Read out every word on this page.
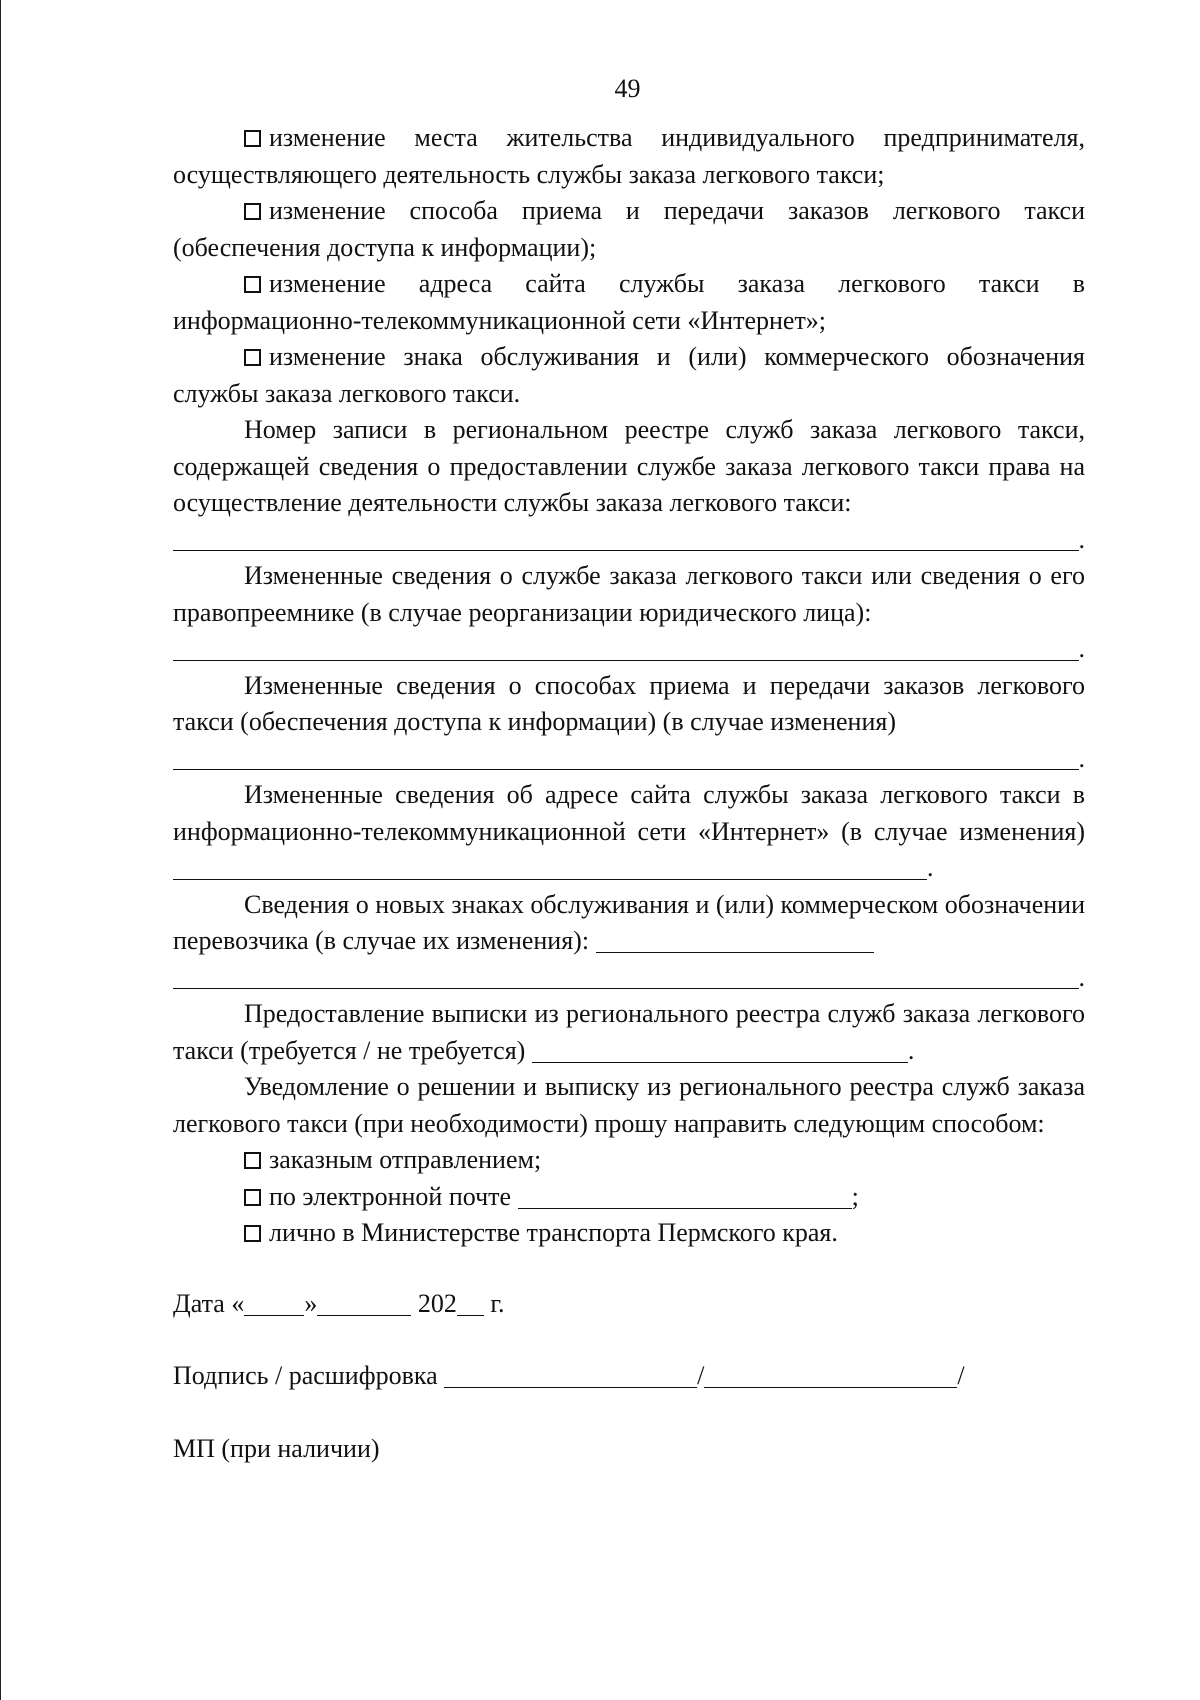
49

изменение места жительства индивидуального предпринимателя, осуществляющего деятельность службы заказа легкового такси;

изменение способа приема и передачи заказов легкового такси (обеспечения доступа к информации);

изменение адреса сайта службы заказа легкового такси в информационно-телекоммуникационной сети «Интернет»;

изменение знака обслуживания и (или) коммерческого обозначения службы заказа легкового такси.

Номер записи в региональном реестре служб заказа легкового такси, содержащей сведения о предоставлении службе заказа легкового такси права на осуществление деятельности службы заказа легкового такси:

.

Измененные сведения о службе заказа легкового такси или сведения о его правопреемнике (в случае реорганизации юридического лица):

.

Измененные сведения о способах приема и передачи заказов легкового такси (обеспечения доступа к информации) (в случае изменения)

.

Измененные сведения об адресе сайта службы заказа легкового такси в информационно-телекоммуникационной сети «Интернет» (в случае изменения) .

Сведения о новых знаках обслуживания и (или) коммерческом обозначении перевозчика (в случае их изменения):

.

Предоставление выписки из регионального реестра служб заказа легкового такси (требуется / не требуется)	.

Уведомление о решении и выписку из регионального реестра служб заказа легкового такси (при необходимости) прошу направить следующим способом:

заказным отправлением;

по электронной почте	;

лично в Министерстве транспорта Пермского края.

Дата « »	202 г.

Подпись / расшифровка	/	/

МП (при наличии)
